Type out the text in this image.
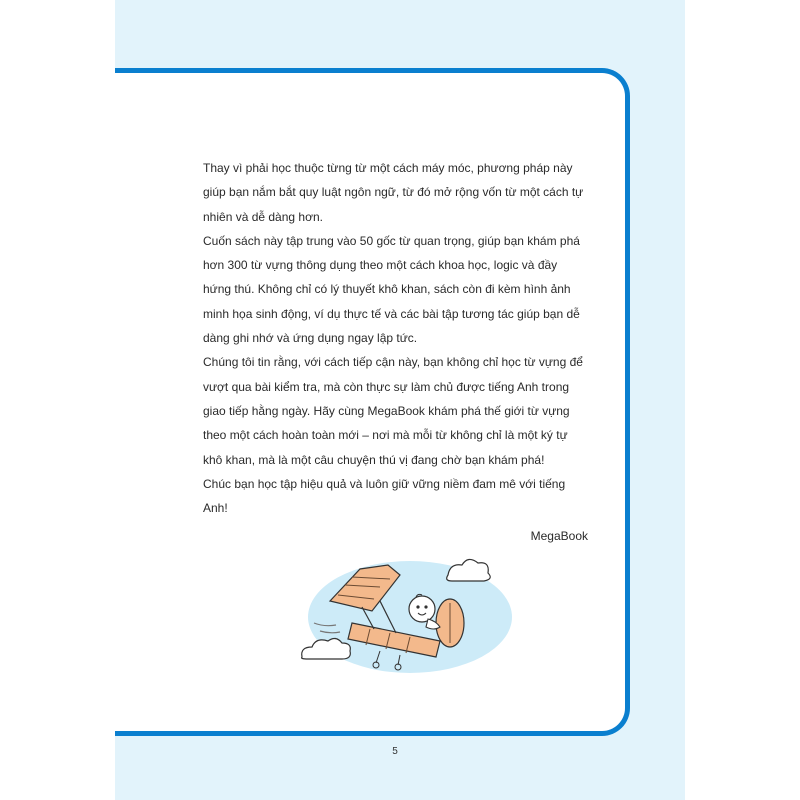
Thay vì phải học thuộc từng từ một cách máy móc, phương pháp này giúp bạn nắm bắt quy luật ngôn ngữ, từ đó mở rộng vốn từ một cách tự nhiên và dễ dàng hơn.

Cuốn sách này tập trung vào 50 gốc từ quan trọng, giúp bạn khám phá hơn 300 từ vựng thông dụng theo một cách khoa học, logic và đầy hứng thú. Không chỉ có lý thuyết khô khan, sách còn đi kèm hình ảnh minh họa sinh động, ví dụ thực tế và các bài tập tương tác giúp bạn dễ dàng ghi nhớ và ứng dụng ngay lập tức.

Chúng tôi tin rằng, với cách tiếp cận này, bạn không chỉ học từ vựng để vượt qua bài kiểm tra, mà còn thực sự làm chủ được tiếng Anh trong giao tiếp hằng ngày. Hãy cùng MegaBook khám phá thế giới từ vựng theo một cách hoàn toàn mới – nơi mà mỗi từ không chỉ là một ký tự khô khan, mà là một câu chuyện thú vị đang chờ bạn khám phá!

Chúc bạn học tập hiệu quả và luôn giữ vững niềm đam mê với tiếng Anh!

MegaBook

5
